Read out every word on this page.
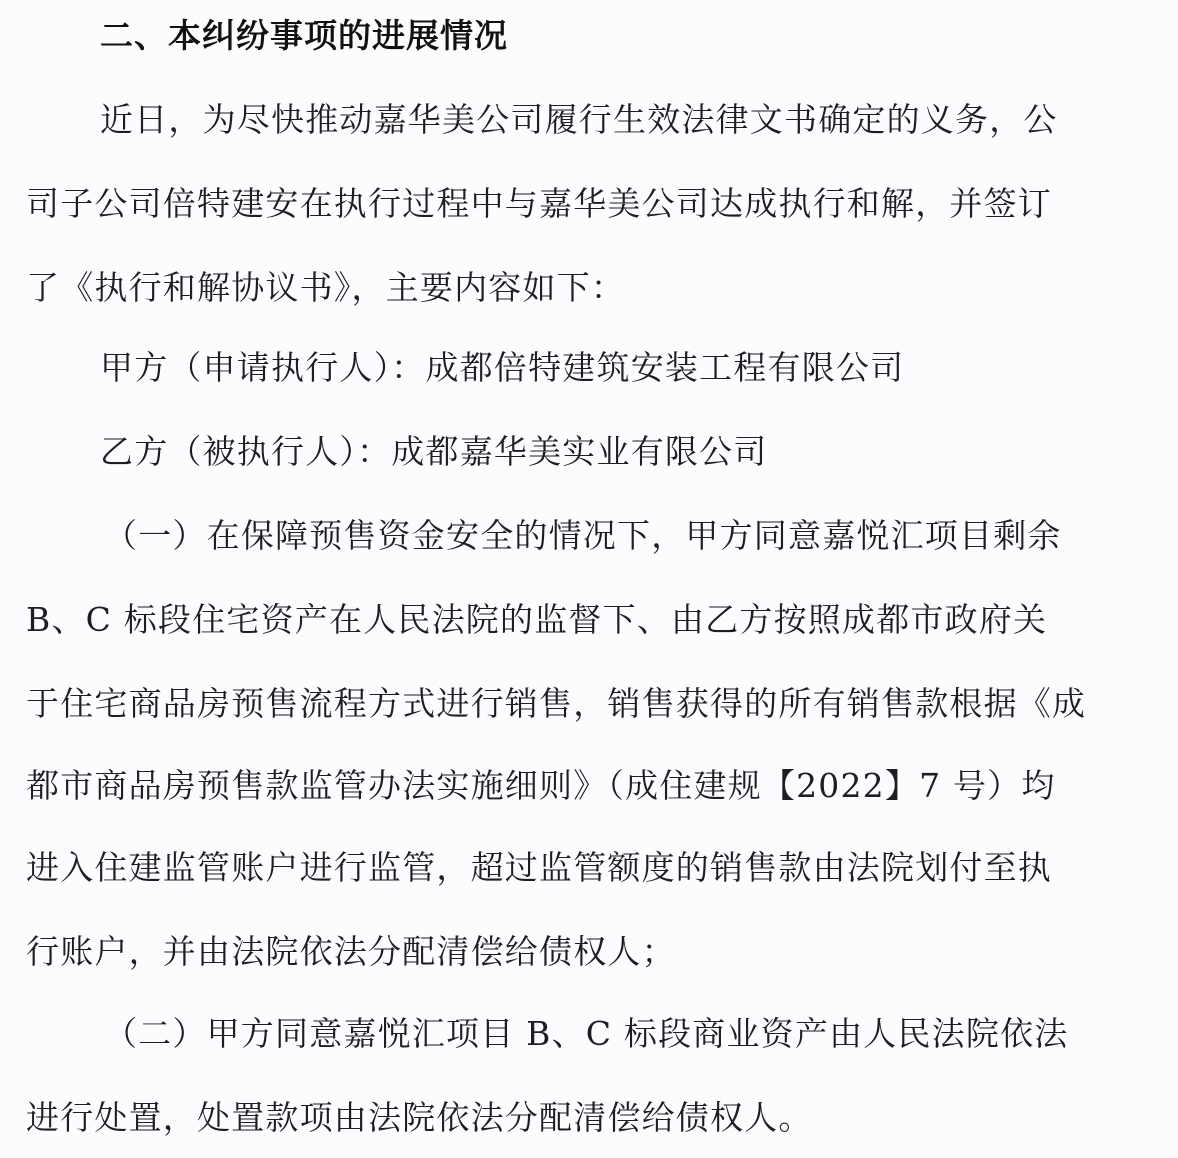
二、本纠纷事项的进展情况
近日，为尽快推动嘉华美公司履行生效法律文书确定的义务，公
司子公司倍特建安在执行过程中与嘉华美公司达成执行和解，并签订
了《执行和解协议书》，主要内容如下：
甲方（申请执行人）：成都倍特建筑安装工程有限公司
乙方（被执行人）：成都嘉华美实业有限公司
（一）在保障预售资金安全的情况下，甲方同意嘉悦汇项目剩余
B、C 标段住宅资产在人民法院的监督下、由乙方按照成都市政府关
于住宅商品房预售流程方式进行销售，销售获得的所有销售款根据《成
都市商品房预售款监管办法实施细则》（成住建规【2022】7 号）均
进入住建监管账户进行监管，超过监管额度的销售款由法院划付至执
行账户，并由法院依法分配清偿给债权人；
（二）甲方同意嘉悦汇项目 B、C 标段商业资产由人民法院依法
进行处置，处置款项由法院依法分配清偿给债权人。
